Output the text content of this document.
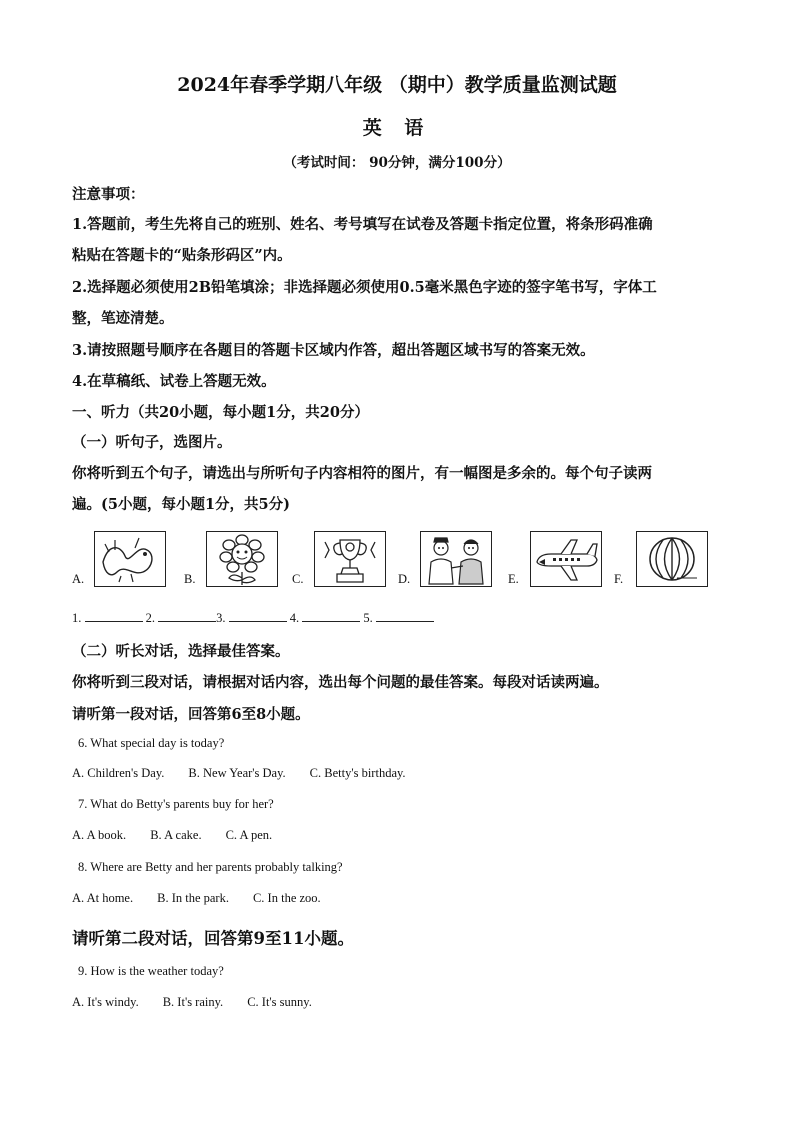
2024年春季学期八年级 （期中）教学质量监测试题
英 语
（考试时间： 90分钟，满分100分）
注意事项：
1.答题前，考生先将自己的班别、姓名、考号填写在试卷及答题卡指定位置，将条形码准确
粘贴在答题卡的“贴条形码区”内。
2.选择题必须使用2B铅笔填涂；非选择题必须使用0.5毫米黑色字迹的签字笔书写，字体工
整，笔迹清楚。
3.请按照题号顺序在各题目的答题卡区域内作答，超出答题区域书写的答案无效。
4.在草稿纸、试卷上答题无效。
一、听力（共20小题，每小题1分，共20分）
（一）听句子，选图片。
你将听到五个句子，请选出与所听句子内容相符的图片，有一幅图是多余的。每个句子读两
遍。(5小题，每小题1分，共5分)
A.	B.	C.	D.	E.	F.
1.	2.	3.	4.	5.
（二）听长对话，选择最佳答案。
你将听到三段对话，请根据对话内容，选出每个问题的最佳答案。每段对话读两遍。
请听第一段对话，回答第6至8小题。
6. What special day is today?
A. Children's Day. B. New Year's Day. C. Betty's birthday.
7. What do Betty's parents buy for her?
A. A book. B. A cake. C. A pen.
8. Where are Betty and her parents probably talking?
A. At home. B. In the park. C. In the zoo.
请听第二段对话，回答第9至11小题。
9. How is the weather today?
A. It's windy. B. It's rainy. C. It's sunny.
